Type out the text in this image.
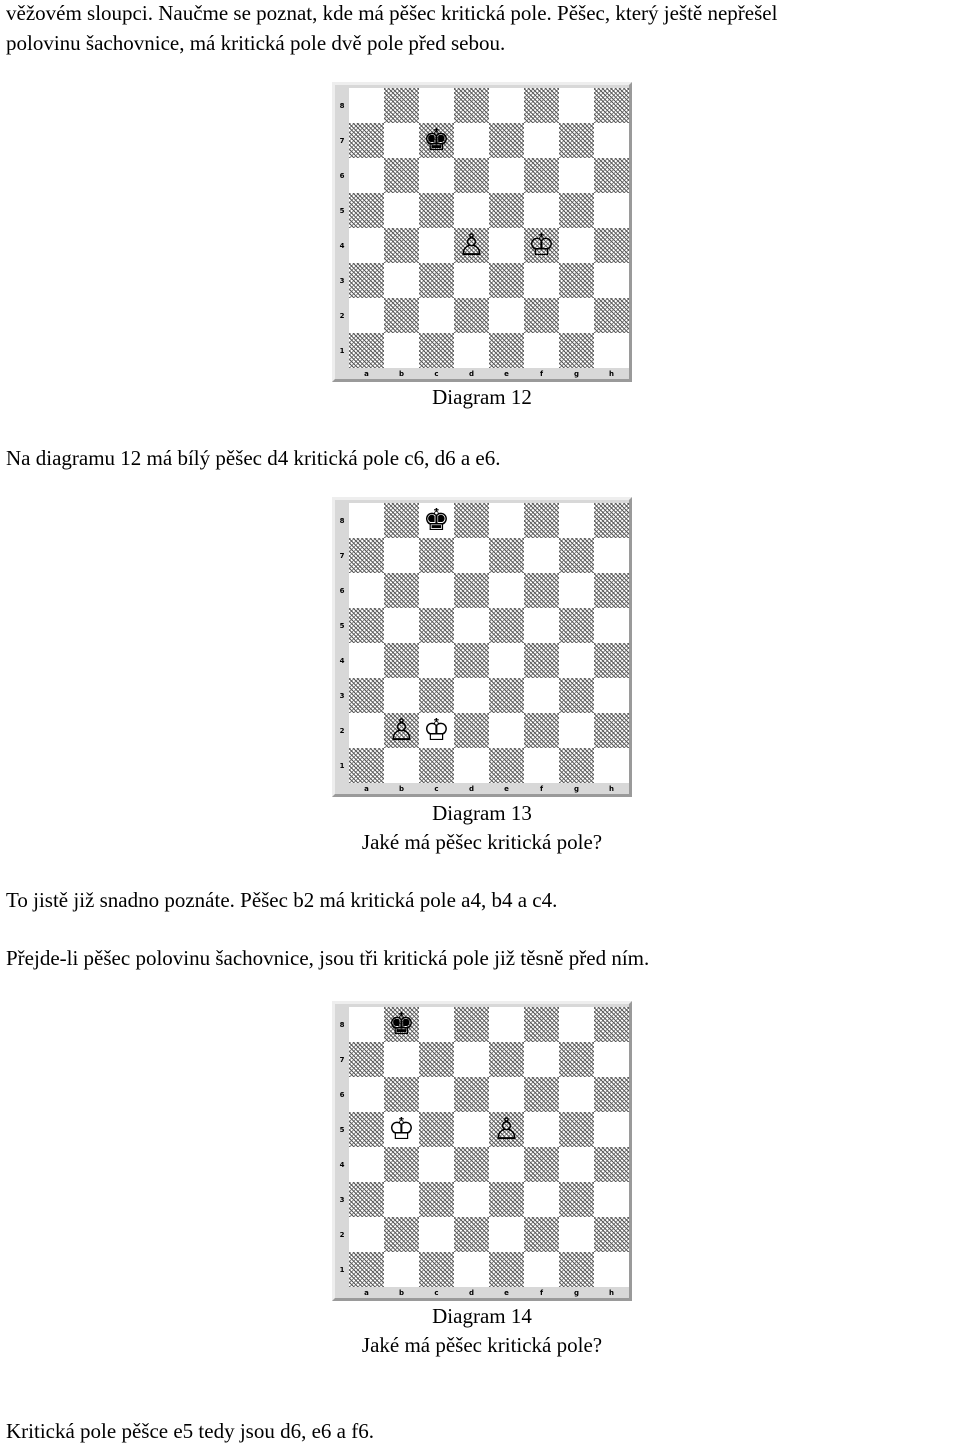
věžovém sloupci. Naučme se poznat, kde má pěšec kritická pole. Pěšec, který ještě nepřešel
polovinu šachovnice, má kritická pole dvě pole před sebou.
♚
♙ ♔
8
7
6
5
4
3
2
1
a	b	c	d	e	f	g	h
Diagram 12
Na diagramu 12 má bílý pěšec d4 kritická pole c6, d6 a e6.
♚
♙ ♔
8
7
6
5
4
3
2
1
a	b	c	d	e	f	g	h
Diagram 13
Jaké má pěšec kritická pole?
To jistě již snadno poznáte. Pěšec b2 má kritická pole a4, b4 a c4.
Přejde-li pěšec polovinu šachovnice, jsou tři kritická pole již těsně před ním.
♚
♔	♙
8
7
6
5
4
3
2
1
a	b	c	d	e	f	g	h
Diagram 14
Jaké má pěšec kritická pole?
Kritická pole pěšce e5 tedy jsou d6, e6 a f6.
